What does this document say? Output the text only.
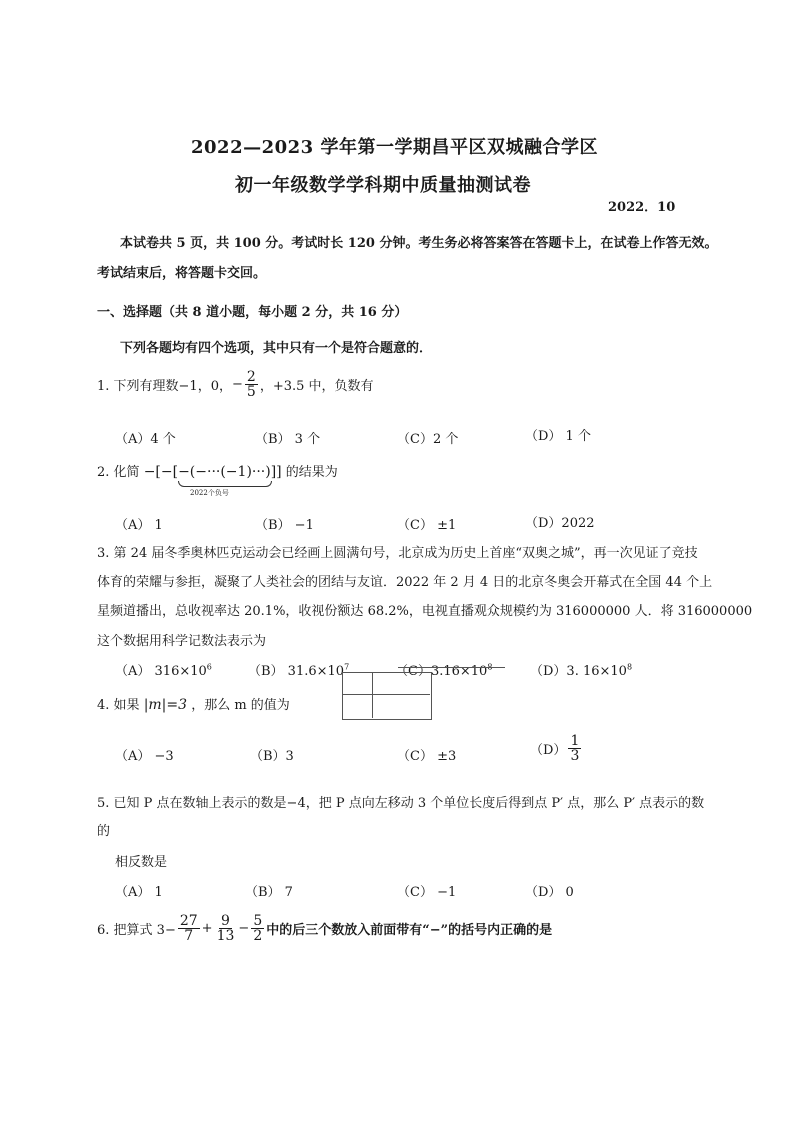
2022—2023 学年第一学期昌平区双城融合学区
初一年级数学学科期中质量抽测试卷
2022．10
本试卷共 5 页，共 100 分。考试时长 120 分钟。考生务必将答案答在答题卡上，在试卷上作答无效。
考试结束后，将答题卡交回。
一、选择题（共 8 道小题，每小题 2 分，共 16 分）
下列各题均有四个选项，其中只有一个是符合题意的．
1. 下列有理数−1，0， − $\frac{2}{5}$ ，+3.5 中，负数有
（A）4 个	（B） 3 个	（C）2 个	（D） 1 个
2. 化简 −[−[−(−···(−1)···)]] 的结果为
2022个负号
（A） 1	（B） −1	（C） ±1	（D）2022
3. 第 24 届冬季奥林匹克运动会已经画上圆满句号，北京成为历史上首座“双奥之城”，再一次见证了竞技
体育的荣耀与参拒，凝聚了人类社会的团结与友谊．2022 年 2 月 4 日的北京冬奥会开幕式在全国 44 个上
星频道播出，总收视率达 20.1%，收视份额达 68.2%，电视直播观众规模约为 316000000 人．将 316000000
这个数据用科学记数法表示为
（A） $316\times 10^6$	（B） $31.6\times 10^7$	$(C)3.16\times 10^8$	（D）3. $16\times 10^8$
4. 如果 |m|=3 ，那么 m 的值为
（A） −3	（B）3	（C） ±3	$(D) \frac{1}{3}$
5. 已知 P 点在数轴上表示的数是−4，把 P 点向左移动 3 个单位长度后得到点 P′ 点，那么 P′ 点表示的数
的
相反数是
（A） 1	（B） 7	（C） −1	（D） 0
6. 把算式 $3- \frac{27}{7} + \frac{9}{13} - \frac{5}{2}$ 中的后三个数放入前面带有“−”的括号内正确的是
